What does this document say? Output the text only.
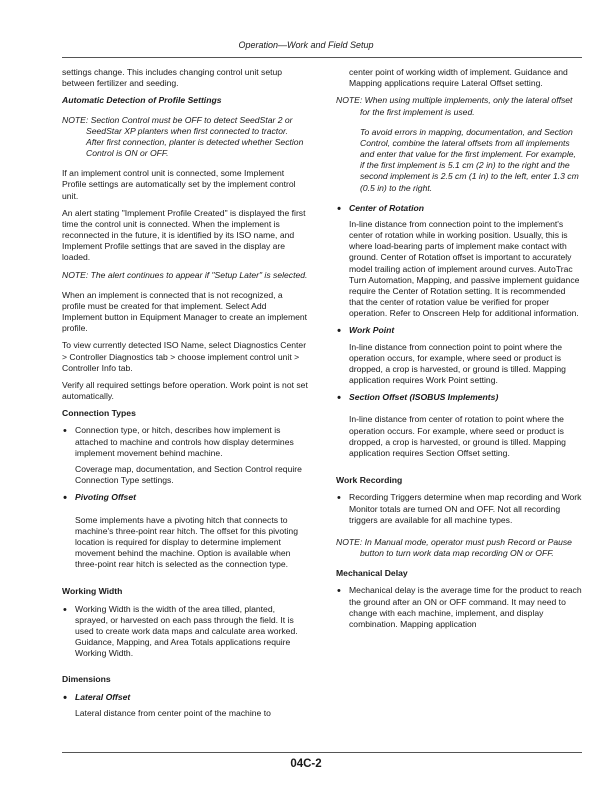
Operation—Work and Field Setup

settings change. This includes changing control unit setup between fertilizer and seeding.

Automatic Detection of Profile Settings
NOTE: Section Control must be OFF to detect SeedStar 2 or SeedStar XP planters when first connected to tractor. After first connection, planter is detected whether Section Control is ON or OFF.

If an implement control unit is connected, some Implement Profile settings are automatically set by the implement control unit.

An alert stating "Implement Profile Created" is displayed the first time the control unit is connected. When the implement is reconnected in the future, it is identified by its ISO name, and Implement Profile settings that are saved in the display are loaded.

NOTE: The alert continues to appear if "Setup Later" is selected.

When an implement is connected that is not recognized, a profile must be created for that implement. Select Add Implement button in Equipment Manager to create an implement profile.

To view currently detected ISO Name, select Diagnostics Center > Controller Diagnostics tab > choose implement control unit > Controller Info tab.

Verify all required settings before operation. Work point is not set automatically.

Connection Types
• Connection type, or hitch, describes how implement is attached to machine and controls how display determines implement movement behind machine.
Coverage map, documentation, and Section Control require Connection Type settings.
• Pivoting Offset
Some implements have a pivoting hitch that connects to machine's three-point rear hitch. The offset for this pivoting location is required for display to determine implement movement behind the machine. Option is available when three-point rear hitch is selected as the connection type.
Working Width
• Working Width is the width of the area tilled, planted, sprayed, or harvested on each pass through the field. It is used to create work data maps and calculate area worked. Guidance, Mapping, and Area Totals applications require Working Width.
Dimensions
• Lateral Offset
Lateral distance from center point of the machine to
center point of working width of implement. Guidance and Mapping applications require Lateral Offset setting.
NOTE: When using multiple implements, only the lateral offset for the first implement is used.
To avoid errors in mapping, documentation, and Section Control, combine the lateral offsets from all implements and enter that value for the first implement. For example, if the first implement is 5.1 cm (2 in) to the right and the second implement is 2.5 cm (1 in) to the left, enter 1.3 cm (0.5 in) to the right.
• Center of Rotation
In-line distance from connection point to the implement's center of rotation while in working position. Usually, this is where load-bearing parts of implement make contact with ground. Center of Rotation offset is important to accurately model trailing action of implement around curves. AutoTrac Turn Automation, Mapping, and passive implement guidance require the Center of Rotation setting. It is recommended that the center of rotation value be verified for proper operation. Refer to Onscreen Help for additional information.
• Work Point
In-line distance from connection point to point where the operation occurs, for example, where seed or product is dropped, a crop is harvested, or ground is tilled. Mapping application requires Work Point setting.
• Section Offset (ISOBUS Implements)
In-line distance from center of rotation to point where the operation occurs. For example, where seed or product is dropped, a crop is harvested, or ground is tilled. Mapping application requires Section Offset setting.
Work Recording
• Recording Triggers determine when map recording and Work Monitor totals are turned ON and OFF. Not all recording triggers are available for all machine types.
NOTE: In Manual mode, operator must push Record or Pause button to turn work data map recording ON or OFF.
Mechanical Delay
• Mechanical delay is the average time for the product to reach the ground after an ON or OFF command. It may need to change with each machine, implement, and display combination. Mapping application
04C-2
